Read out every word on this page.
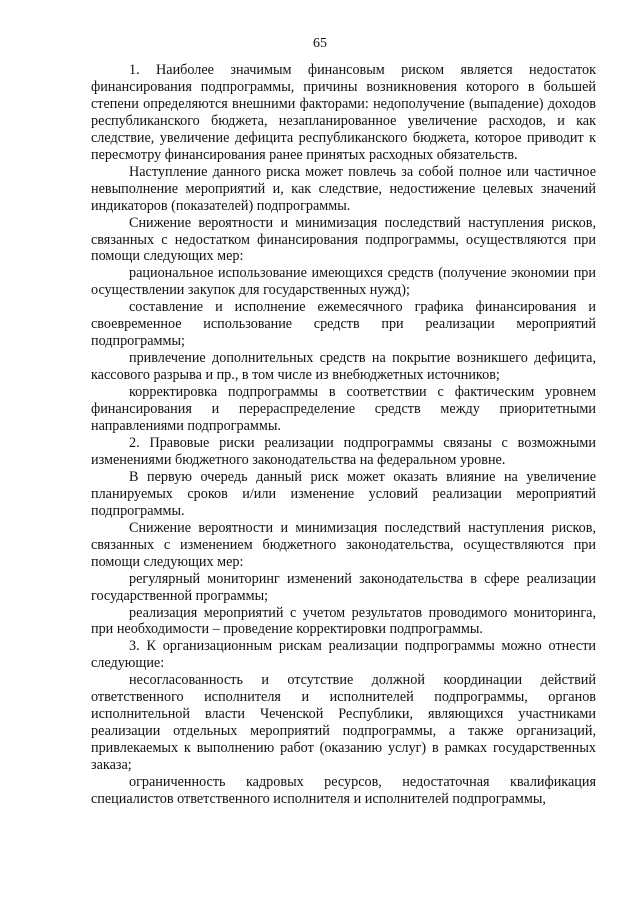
65

1. Наиболее значимым финансовым риском является недостаток финансирования подпрограммы, причины возникновения которого в большей степени определяются внешними факторами: недополучение (выпадение) доходов республиканского бюджета, незапланированное увеличение расходов, и как следствие, увеличение дефицита республиканского бюджета, которое приводит к пересмотру финансирования ранее принятых расходных обязательств.

Наступление данного риска может повлечь за собой полное или частичное невыполнение мероприятий и, как следствие, недостижение целевых значений индикаторов (показателей) подпрограммы.

Снижение вероятности и минимизация последствий наступления рисков, связанных с недостатком финансирования подпрограммы, осуществляются при помощи следующих мер:

рациональное использование имеющихся средств (получение экономии при осуществлении закупок для государственных нужд);

составление и исполнение ежемесячного графика финансирования и своевременное использование средств при реализации мероприятий подпрограммы;

привлечение дополнительных средств на покрытие возникшего дефицита, кассового разрыва и пр., в том числе из внебюджетных источников;

корректировка подпрограммы в соответствии с фактическим уровнем финансирования и перераспределение средств между приоритетными направлениями подпрограммы.

2. Правовые риски реализации подпрограммы связаны с возможными изменениями бюджетного законодательства на федеральном уровне.

В первую очередь данный риск может оказать влияние на увеличение планируемых сроков и/или изменение условий реализации мероприятий подпрограммы.

Снижение вероятности и минимизация последствий наступления рисков, связанных с изменением бюджетного законодательства, осуществляются при помощи следующих мер:

регулярный мониторинг изменений законодательства в сфере реализации государственной программы;

реализация мероприятий с учетом результатов проводимого мониторинга, при необходимости – проведение корректировки подпрограммы.

3. К организационным рискам реализации подпрограммы можно отнести следующие:

несогласованность и отсутствие должной координации действий ответственного исполнителя и исполнителей подпрограммы, органов исполнительной власти Чеченской Республики, являющихся участниками реализации отдельных мероприятий подпрограммы, а также организаций, привлекаемых к выполнению работ (оказанию услуг) в рамках государственных заказа;

ограниченность кадровых ресурсов, недостаточная квалификация специалистов ответственного исполнителя и исполнителей подпрограммы,
